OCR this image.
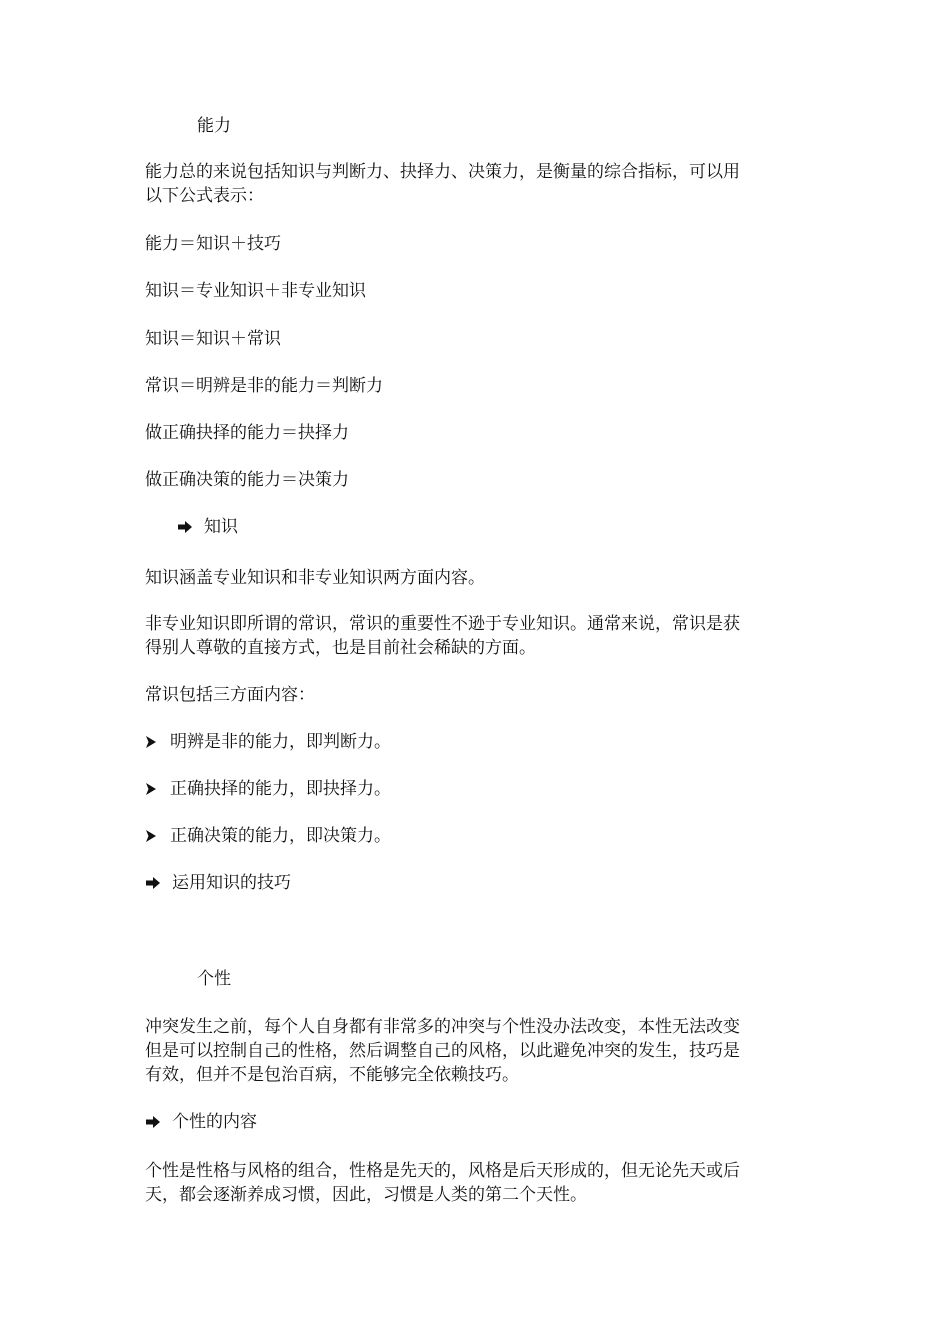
能力
能力总的来说包括知识与判断力、抉择力、决策力，是衡量的综合指标，可以用
以下公式表示：
能力＝知识＋技巧
知识＝专业知识＋非专业知识
知识＝知识＋常识
常识＝明辨是非的能力＝判断力
做正确抉择的能力＝抉择力
做正确决策的能力＝决策力
知识
知识涵盖专业知识和非专业知识两方面内容。
非专业知识即所谓的常识，常识的重要性不逊于专业知识。通常来说，常识是获
得别人尊敬的直接方式，也是目前社会稀缺的方面。
常识包括三方面内容：
明辨是非的能力，即判断力。
正确抉择的能力，即抉择力。
正确决策的能力，即决策力。
运用知识的技巧
个性
冲突发生之前，每个人自身都有非常多的冲突与个性没办法改变，本性无法改变
但是可以控制自己的性格，然后调整自己的风格，以此避免冲突的发生，技巧是
有效，但并不是包治百病，不能够完全依赖技巧。
个性的内容
个性是性格与风格的组合，性格是先天的，风格是后天形成的，但无论先天或后
天，都会逐渐养成习惯，因此，习惯是人类的第二个天性。
